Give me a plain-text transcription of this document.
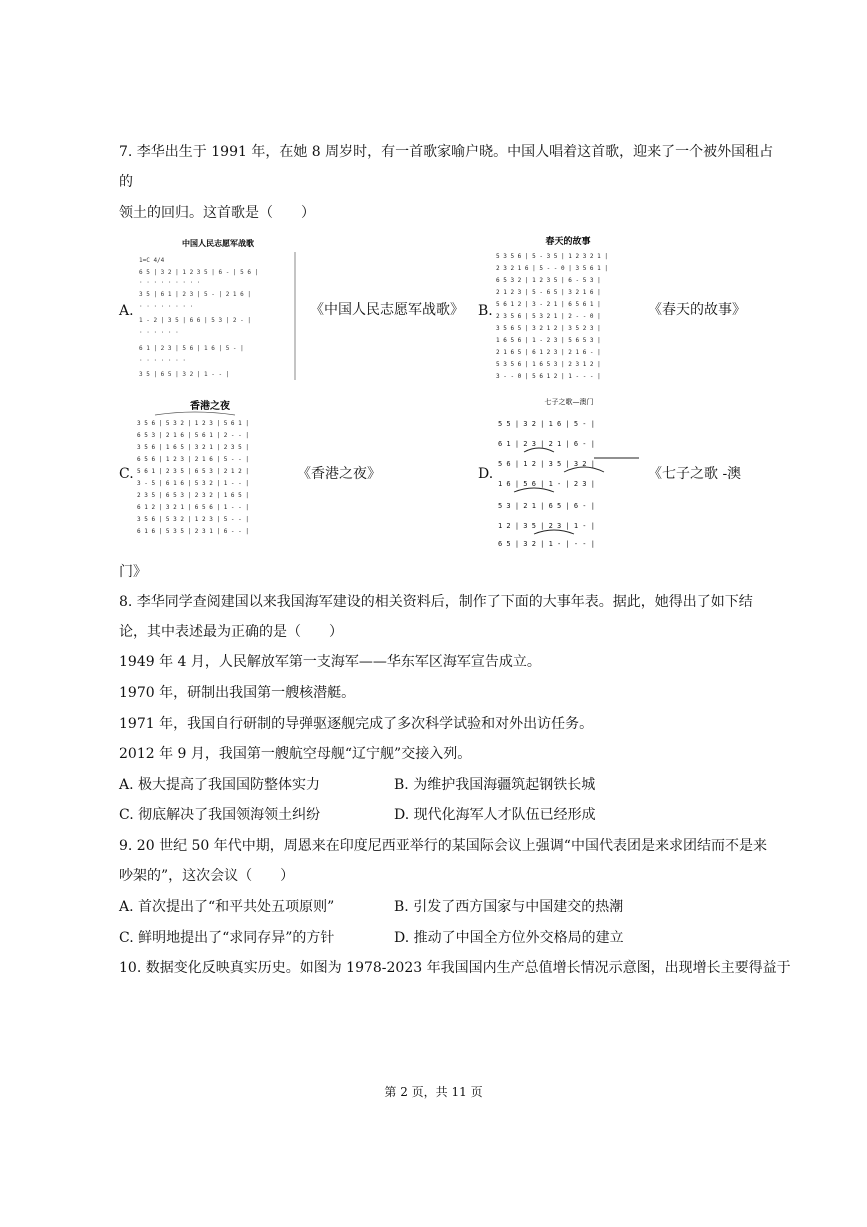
7. 李华出生于 1991 年，在她 8 周岁时，有一首歌家喻户晓。中国人唱着这首歌，迎来了一个被外国租占
的
领土的回归。这首歌是（　　）
A.
中国人民志愿军战歌
1=C 4/4
6 5 | 3 2 | 1 2 3 5 | 6 - | 5 6 |
· · · · · · · · ·
3 5 | 6 1 | 2 3 | 5 - | 2 1 6 |
· · · · · · · ·
1 - 2 | 3 5 | 6 6 | 5 3 | 2 - |
· · · · · ·
6 1 | 2 3 | 5 6 | 1 6 | 5 - |
· · · · · · ·
3 5 | 6 5 | 3 2 | 1 - - |
《中国人民志愿军战歌》 B.
春天的故事
5 3 5 6 | 5 - 3 5 | 1 2 3 2 1 |
2 3 2 1 6 | 5 - - 0 | 3 5 6 1 |
6 5 3 2 | 1 2 3 5 | 6 - 5 3 |
2 1 2 3 | 5 - 6 5 | 3 2 1 6 |
5 6 1 2 | 3 - 2 1 | 6 5 6 1 |
2 3 5 6 | 5 3 2 1 | 2 - - 0 |
3 5 6 5 | 3 2 1 2 | 3 5 2 3 |
1 6 5 6 | 1 - 2 3 | 5 6 5 3 |
2 1 6 5 | 6 1 2 3 | 2 1 6 - |
5 3 5 6 | 1 6 5 3 | 2 3 1 2 |
3 - - 0 | 5 6 1 2 | 1 - - - |
《春天的故事》
C.
香港之夜
3 5 6 | 5 3 2 | 1 2 3 | 5 6 1 |
6 5 3 | 2 1 6 | 5 6 1 | 2 - - |
3 5 6 | 1 6 5 | 3 2 1 | 2 3 5 |
6 5 6 | 1 2 3 | 2 1 6 | 5 - - |
5 6 1 | 2 3 5 | 6 5 3 | 2 1 2 |
3 - 5 | 6 1 6 | 5 3 2 | 1 - - |
2 3 5 | 6 5 3 | 2 3 2 | 1 6 5 |
6 1 2 | 3 2 1 | 6 5 6 | 1 - - |
3 5 6 | 5 3 2 | 1 2 3 | 5 - - |
6 1 6 | 5 3 5 | 2 3 1 | 6 - - |
《香港之夜》	D.
七子之歌—澳门
5 5 | 3 2 | 1 6 | 5 - |
6 1 | 2 3 | 2 1 | 6 - |
5 6 | 1 2 | 3 5 | 3 2 |
1 6 | 5 6 | 1 - | 2 3 |
5 3 | 2 1 | 6 5 | 6 - |
1 2 | 3 5 | 2 3 | 1 - |
6 5 | 3 2 | 1 - | - - |
《七子之歌 -澳
门》
8. 李华同学查阅建国以来我国海军建设的相关资料后，制作了下面的大事年表。据此，她得出了如下结
论，其中表述最为正确的是（　　）
1949 年 4 月，人民解放军第一支海军——华东军区海军宣告成立。
1970 年，研制出我国第一艘核潜艇。
1971 年，我国自行研制的导弹驱逐舰完成了多次科学试验和对外出访任务。
2012 年 9 月，我国第一艘航空母舰“辽宁舰”交接入列。
A. 极大提高了我国国防整体实力	B. 为维护我国海疆筑起钢铁长城
C. 彻底解决了我国领海领土纠纷	D. 现代化海军人才队伍已经形成
9. 20 世纪 50 年代中期，周恩来在印度尼西亚举行的某国际会议上强调“中国代表团是来求团结而不是来
吵架的”，这次会议（　　）
A. 首次提出了“和平共处五项原则”	B. 引发了西方国家与中国建交的热潮
C. 鲜明地提出了“求同存异”的方针	D. 推动了中国全方位外交格局的建立
10. 数据变化反映真实历史。如图为 1978-2023 年我国国内生产总值增长情况示意图，出现增长主要得益于
第 2 页，共 11 页
